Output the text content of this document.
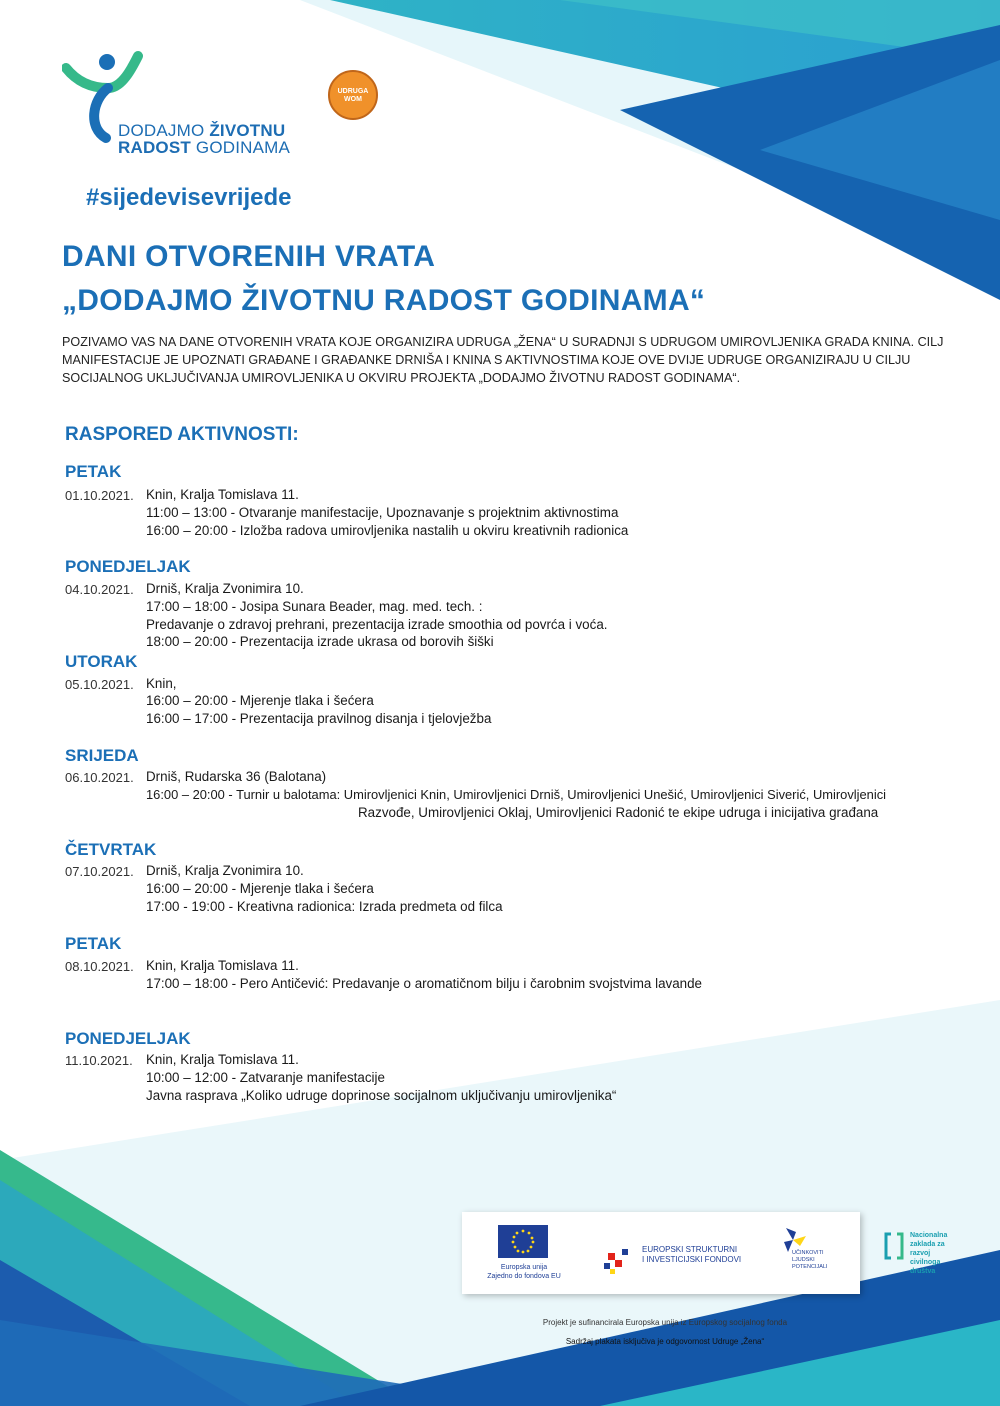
DODAJMO ŽIVOTNU
RADOST GODINAMA
UDRUGA WOM
#sijedevisevrijede
DANI OTVORENIH VRATA
„DODAJMO ŽIVOTNU RADOST GODINAMA“
POZIVAMO VAS NA DANE OTVORENIH VRATA KOJE ORGANIZIRA UDRUGA „ŽENA“ U SURADNJI S UDRUGOM UMIROVLJENIKA GRADA KNINA. CILJ MANIFESTACIJE JE UPOZNATI GRAĐANE I GRAĐANKE DRNIŠA I KNINA S AKTIVNOSTIMA KOJE OVE DVIJE UDRUGE ORGANIZIRAJU U CILJU SOCIJALNOG UKLJUČIVANJA UMIROVLJENIKA U OKVIRU PROJEKTA „DODAJMO ŽIVOTNU RADOST GODINAMA“.
RASPORED AKTIVNOSTI:
PETAK
01.10.2021. Knin, Kralja Tomislava 11.
11:00 – 13:00 - Otvaranje manifestacije, Upoznavanje s projektnim aktivnostima
16:00 – 20:00 - Izložba radova umirovljenika nastalih u okviru kreativnih radionica
PONEDJELJAK
04.10.2021. Drniš, Kralja Zvonimira 10.
17:00 – 18:00 - Josipa Sunara Beader, mag. med. tech. :
Predavanje o zdravoj prehrani, prezentacija izrade smoothia od povrća i voća.
18:00 – 20:00 - Prezentacija izrade ukrasa od borovih šiški
UTORAK
05.10.2021. Knin,
16:00 – 20:00 - Mjerenje tlaka i šećera
16:00 – 17:00 - Prezentacija pravilnog disanja i tjelovježba
SRIJEDA
06.10.2021. Drniš, Rudarska 36 (Balotana)
16:00 – 20:00 - Turnir u balotama: Umirovljenici Knin, Umirovljenici Drniš, Umirovljenici Unešić, Umirovljenici Siverić, Umirovljenici
Razvođe, Umirovljenici Oklaj, Umirovljenici Radonić te ekipe udruga i inicijativa građana
ČETVRTAK
07.10.2021. Drniš, Kralja Zvonimira 10.
16:00 – 20:00 - Mjerenje tlaka i šećera
17:00 - 19:00 - Kreativna radionica: Izrada predmeta od filca
PETAK
08.10.2021. Knin, Kralja Tomislava 11.
17:00 – 18:00 - Pero Antičević: Predavanje o aromatičnom bilju i čarobnim svojstvima lavande
PONEDJELJAK
11.10.2021. Knin, Kralja Tomislava 11.
10:00 – 12:00 - Zatvaranje manifestacije
Javna rasprava „Koliko udruge doprinose socijalnom uključivanju umirovljenika“
Europska unija
Zajedno do fondova EU
EUROPSKI STRUKTURNI
I INVESTICIJSKI FONDOVI
UČINKOVITI
LJUDSKI
POTENCIJALI
Nacionalna
zaklada za
razvoj
civilnoga
društva
Projekt je sufinancirala Europska unija iz Europskog socijalnog fonda
Sadržaj plakata isključiva je odgovornost Udruge „Žena“
